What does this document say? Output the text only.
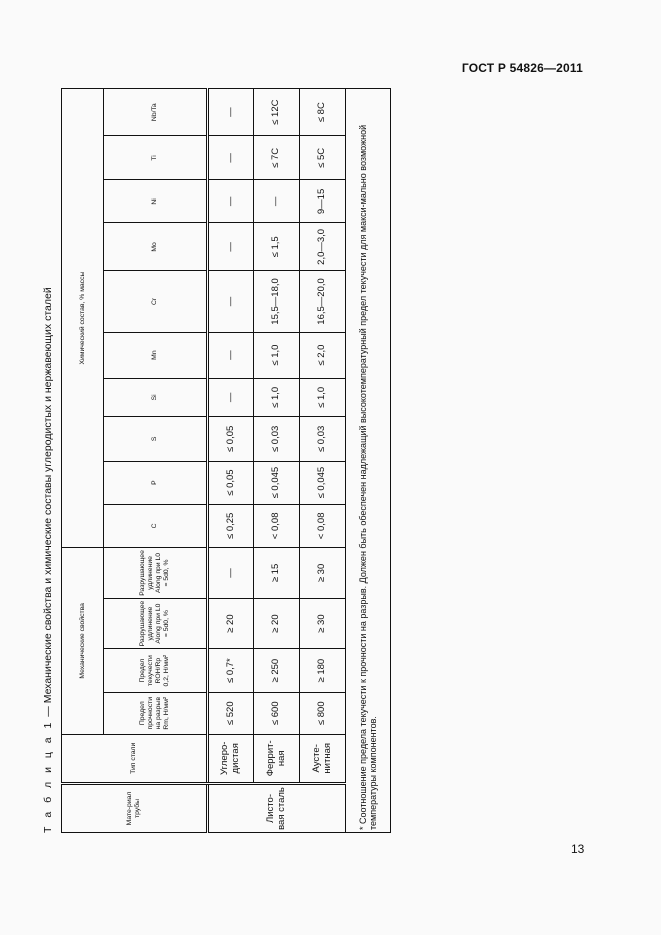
ГОСТ Р 54826—2011
Т а б л и ц а 1 — Механические свойства и химические составы углеродистых и нержавеющих сталей
Мате-риал трубы	Тип стали	Механические свойства				Химический состав, % массы									
		Предел прочности на разрыв Rm, Н/мм²	Предел текучести ROH/Rp 0,2, Н/мм²	Разрушающее удлинение Along при L0 = 5d0, %	Разрушающее удлинение Along при L0 = 5d0, %	C	P	S	Si	Mn	Cr	Mo	Ni	Ti	Nb/Ta
Листо-вая сталь	Углеро-дистая	≤ 520	≤ 0,7*	≥ 20	—	≤ 0,25	≤ 0,05	≤ 0,05	—	—	—	—	—	—	—
	Феррит-ная	≤ 600	≥ 250	≥ 20	≥ 15	< 0,08	≤ 0,045	≤ 0,03	≤ 1,0	≤ 1,0	15,5—18,0	≤ 1,5	—	≤ 7C	≤ 12C
	Аусте-нитная	≤ 800	≥ 180	≥ 30	≥ 30	< 0,08	≤ 0,045	≤ 0,03	≤ 1,0	≤ 2,0	16,5—20,0	2,0—3,0	9—15	≤ 5C	≤ 8C
* Соотношение предела текучести к прочности на разрыв. Должен быть обеспечен надлежащий высокотемпературный предел текучести для макси-мально возможной температуры компонентов.															
13
